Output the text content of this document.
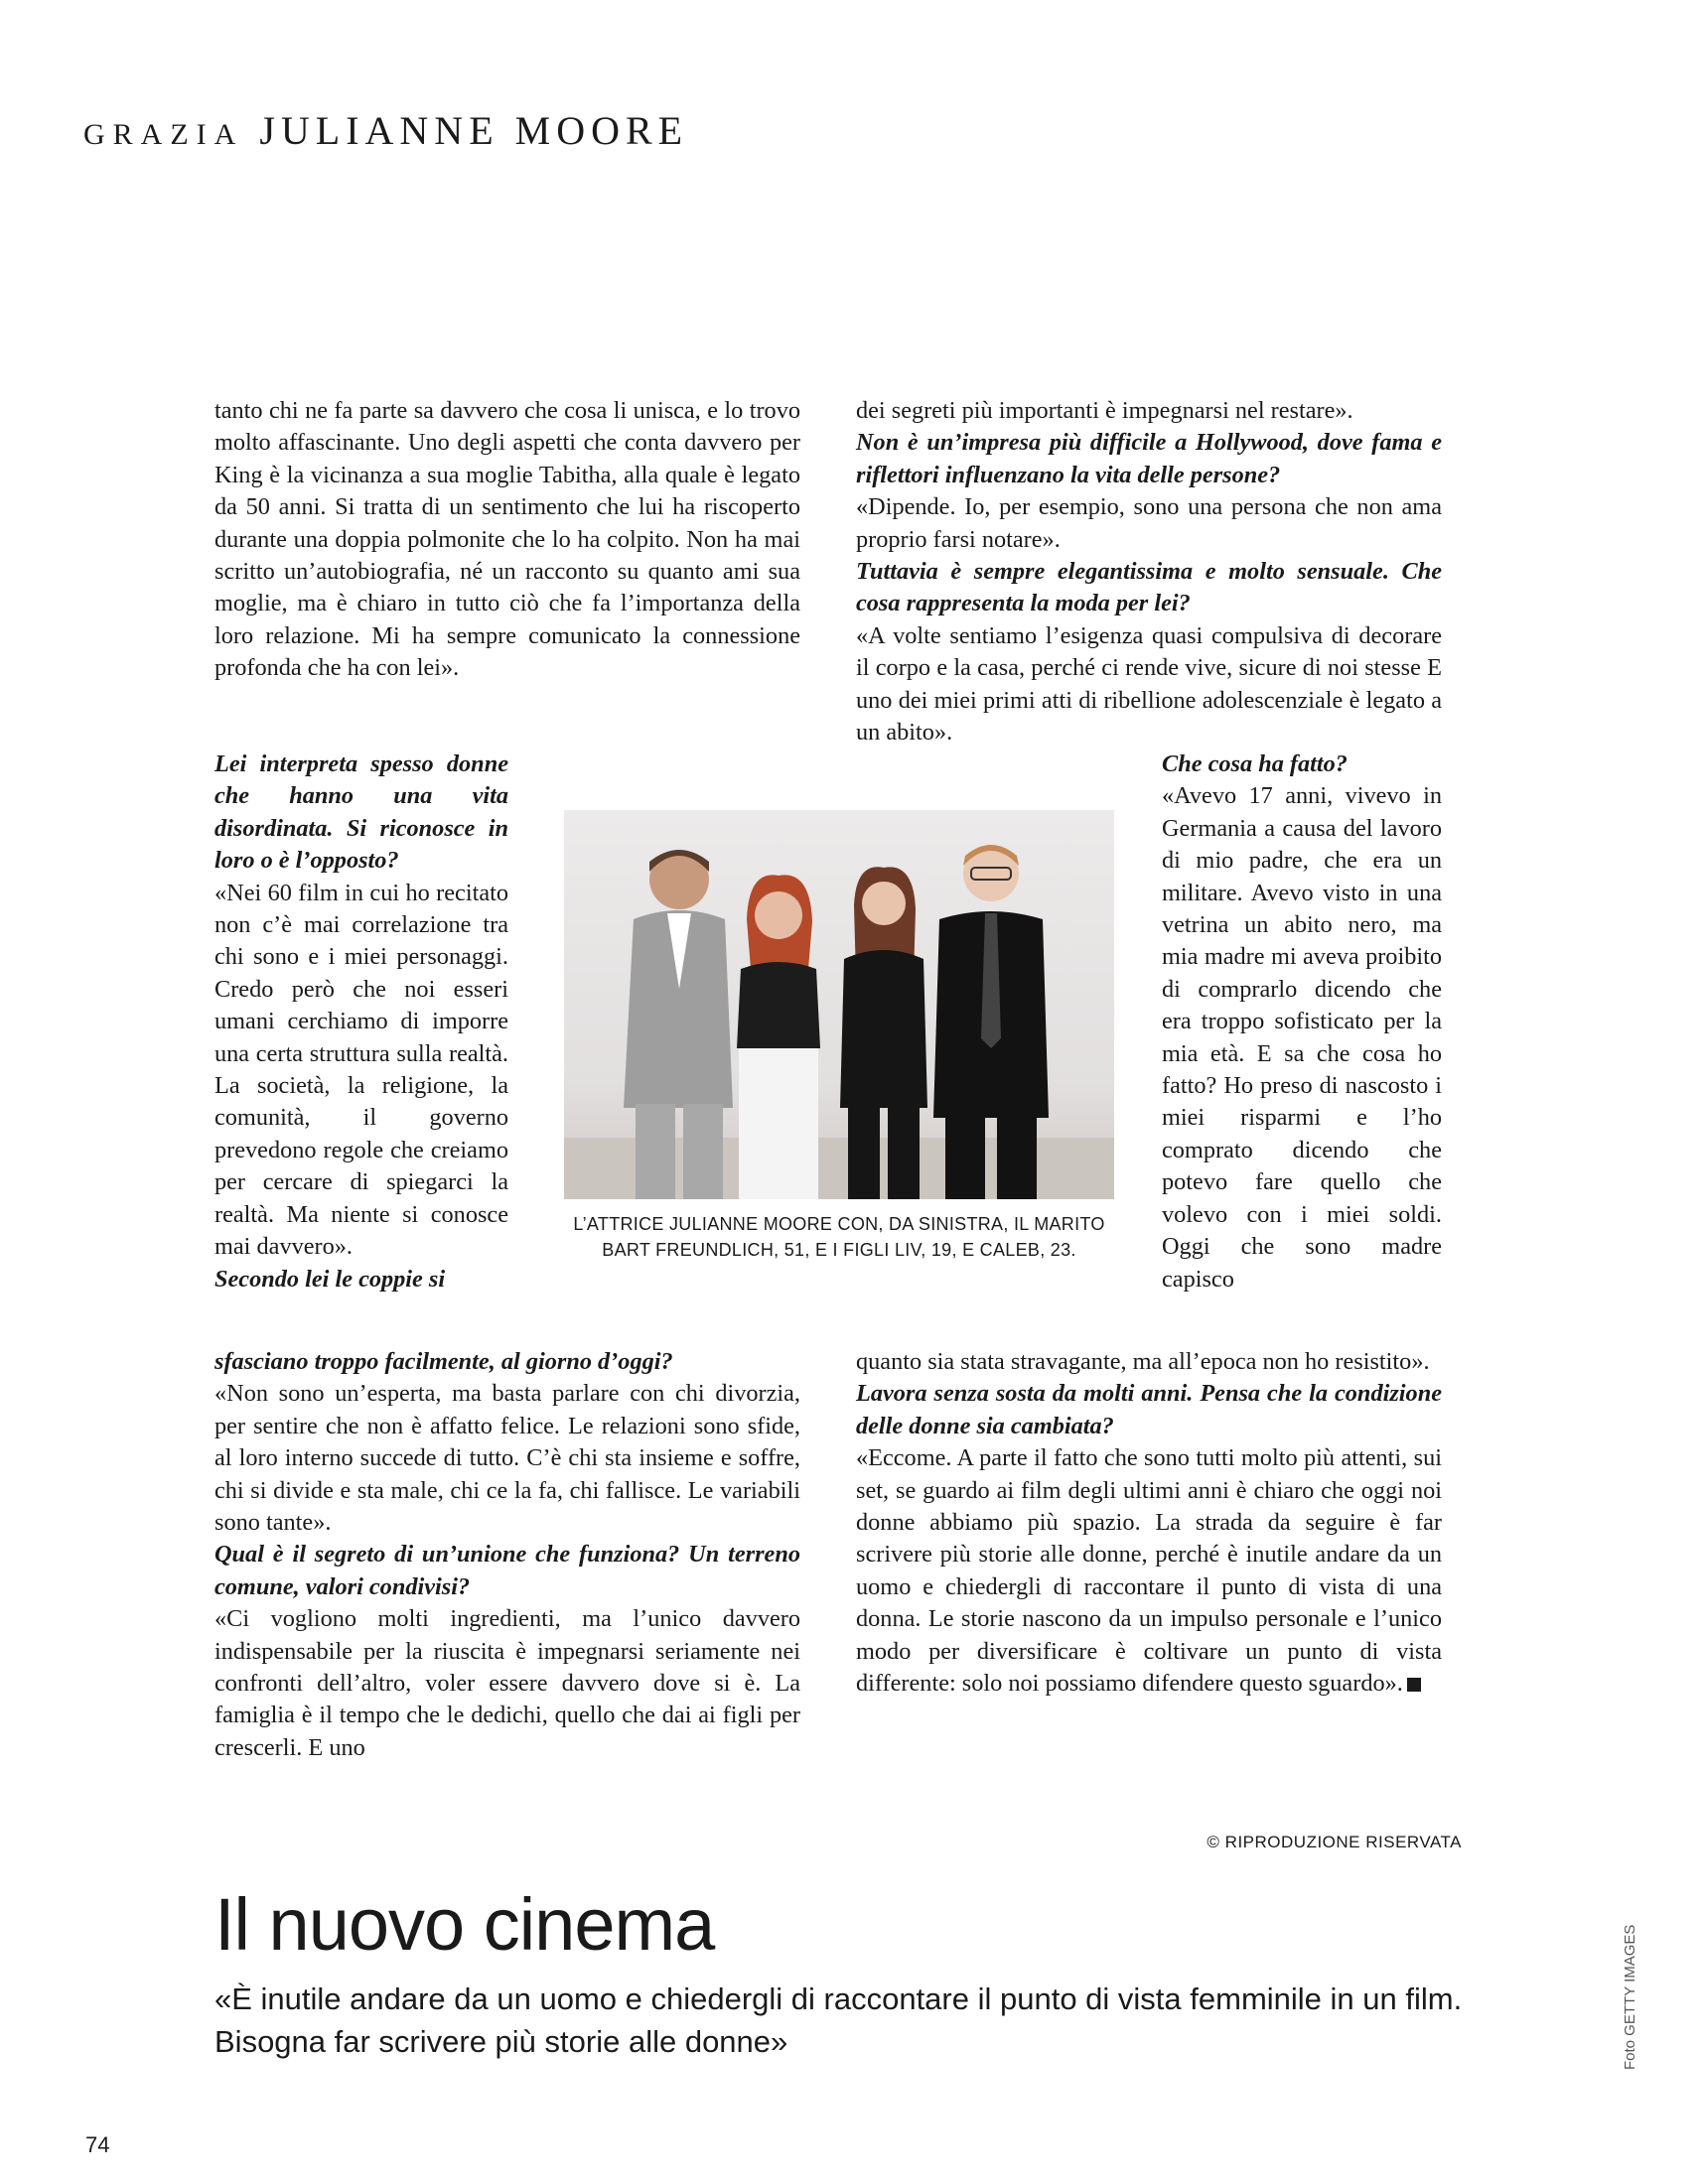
GRAZIA JULIANNE MOORE

tanto chi ne fa parte sa davvero che cosa li unisca, e lo trovo molto affascinante. Uno degli aspetti che conta davvero per King è la vicinanza a sua moglie Tabitha, alla quale è legato da 50 anni. Si tratta di un sentimento che lui ha riscoperto durante una doppia polmonite che lo ha colpito. Non ha mai scritto un’autobiografia, né un racconto su quanto ami sua moglie, ma è chiaro in tutto ciò che fa l’importanza della loro relazione. Mi ha sempre comunicato la connessione profonda che ha con lei».

Lei interpreta spesso donne che hanno una vita disordinata. Si riconosce in loro o è l’opposto?

«Nei 60 film in cui ho recitato non c’è mai correlazione tra chi sono e i miei personaggi. Credo però che noi esseri umani cerchiamo di imporre una certa struttura sulla realtà. La società, la religione, la comunità, il governo prevedono regole che creiamo per cercare di spiegarci la realtà. Ma niente si conosce mai davvero».

Secondo lei le coppie si

sfasciano troppo facilmente, al giorno d’oggi?

«Non sono un’esperta, ma basta parlare con chi divorzia, per sentire che non è affatto felice. Le relazioni sono sfide, al loro interno succede di tutto. C’è chi sta insieme e soffre, chi si divide e sta male, chi ce la fa, chi fallisce. Le variabili sono tante».

Qual è il segreto di un’unione che funziona? Un terreno comune, valori condivisi?

«Ci vogliono molti ingredienti, ma l’unico davvero indispensabile per la riuscita è impegnarsi seriamente nei confronti dell’altro, voler essere davvero dove si è. La famiglia è il tempo che le dedichi, quello che dai ai figli per crescerli. E uno

dei segreti più importanti è impegnarsi nel restare».

Non è un’impresa più difficile a Hollywood, dove fama e riflettori influenzano la vita delle persone?

«Dipende. Io, per esempio, sono una persona che non ama proprio farsi notare».

Tuttavia è sempre elegantissima e molto sensuale. Che cosa rappresenta la moda per lei?

«A volte sentiamo l’esigenza quasi compulsiva di decorare il corpo e la casa, perché ci rende vive, sicure di noi stesse E uno dei miei primi atti di ribellione adolescenziale è legato a un abito».

Che cosa ha fatto?

«Avevo 17 anni, vivevo in Germania a causa del lavoro di mio padre, che era un militare. Avevo visto in una vetrina un abito nero, ma mia madre mi aveva proibito di comprarlo dicendo che era troppo sofisticato per la mia età. E sa che cosa ho fatto? Ho preso di nascosto i miei risparmi e l’ho comprato dicendo che potevo fare quello che volevo con i miei soldi. Oggi che sono madre capisco

quanto sia stata stravagante, ma all’epoca non ho resistito».

Lavora senza sosta da molti anni. Pensa che la condizione delle donne sia cambiata?

«Eccome. A parte il fatto che sono tutti molto più attenti, sui set, se guardo ai film degli ultimi anni è chiaro che oggi noi donne abbiamo più spazio. La strada da seguire è far scrivere più storie alle donne, perché è inutile andare da un uomo e chiedergli di raccontare il punto di vista di una donna. Le storie nascono da un impulso personale e l’unico modo per diversificare è coltivare un punto di vista differente: solo noi possiamo difendere questo sguardo».

L’ATTRICE JULIANNE MOORE CON, DA SINISTRA, IL MARITO BART FREUNDLICH, 51, E I FIGLI LIV, 19, E CALEB, 23.
© RIPRODUZIONE RISERVATA
Il nuovo cinema
«È inutile andare da un uomo e chiedergli di raccontare il punto di vista femminile in un film. Bisogna far scrivere più storie alle donne»	Foto GETTY IMAGES
74
